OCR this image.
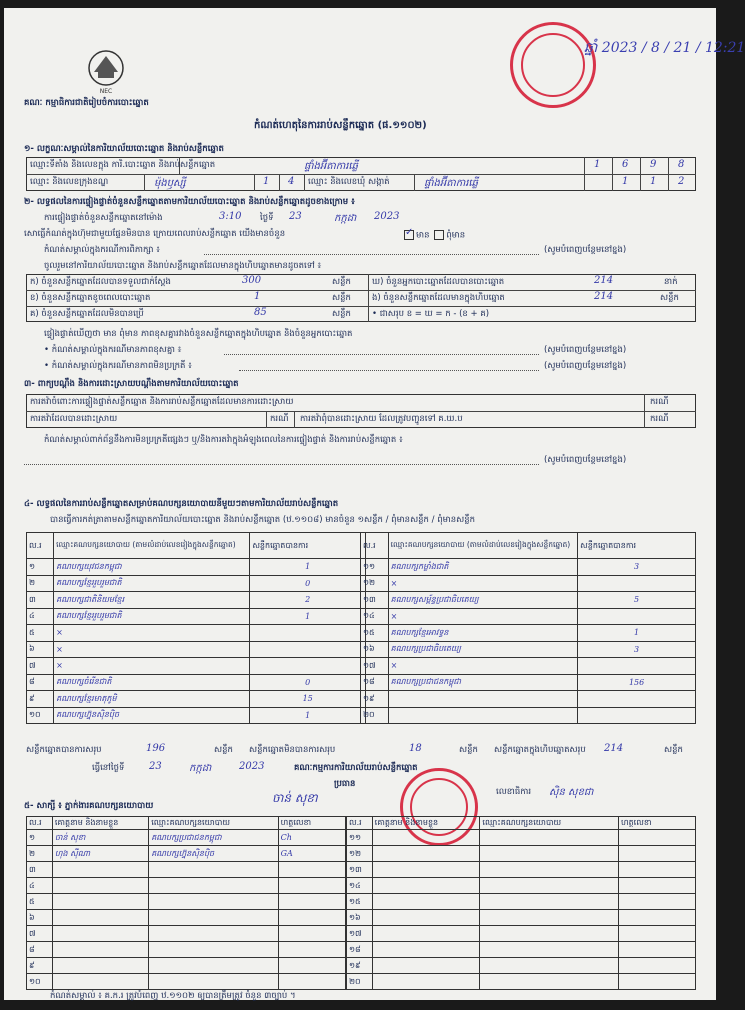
NEC
គណៈ កម្មាធិការជាតិរៀបចំការបោះឆ្នោត
កំណត់ហេតុនៃការរាប់សន្លឹកឆ្នោត (ផ.១១០២)
ឆ្នាំ 2023 / 8 / 21 / 12:21
១- លក្ខណៈសម្គាល់នៃការិយាល័យបោះឆ្នោត និងរាប់សន្លឹកឆ្នោត
ឈ្មោះទីតាំង និងលេខក្អុង ការិ.បោះឆ្នោត និងរាប់សន្លឹកឆ្នោត	ផ្ទាំងអ៊ីតាការឆ្លើ	1 6 9 8
ឈ្មោះ និងលេខក្រុងខណ្ឌ	ម៉ុងឫស្សី	1 4 ឈ្មោះ និងលេខឃុំ សង្កាត់	ផ្ទាំងអ៊ីតាការឆ្លើ	1 1 2
២- លទ្ធផលនៃការផ្ទៀងផ្ទាត់ចំនួនសន្លឹកឆ្នោតតាមការិយាល័យបោះឆ្នោត និងរាប់សន្លឹកឆ្នោតដូចខាងក្រោម ៖
ការផ្ទៀងផ្ទាត់ចំនួនសន្លឹកឆ្នោតនៅម៉ោង	3:10 ថ្ងៃទី 23	កក្កដា 2023
សោធ្លើកំណត់ក្នុងហ៊ុមជាមួយផ្ទែនមិនបាន ក្រោយពេលរាប់សន្លឹកឆ្នោត យើងមានចំនួន ✓	មាន ពុំមាន
កំណត់សម្គាល់ក្នុងករណីការពិភាក្សា ៖	(សូមបំពេញបន្ថែមនៅខ្នង)
ចូលរួមនៅការិយាល័យបោះឆ្នោត និងរាប់សន្លឹកឆ្នោតដែលមានក្នុងហិបឆ្នោតមានដូចតទៅ ៖
ក) ចំនួនសន្លឹកឆ្នោតដែលបានទទួលជាក់ស្តែង	300	សន្លឹក ឃ) ចំនួនអ្នកបោះឆ្នោតដែលបានបោះឆ្នោត	214	នាក់
ខ) ចំនួនសន្លឹកឆ្នោតខូចពេលបោះឆ្នោត	1	សន្លឹក ង) ចំនួនសន្លឹកឆ្នោតដែលមានក្នុងហិបឆ្នោត	214	សន្លឹក
គ) ចំនួនសន្លឹកឆ្នោតដែលមិនបានប្រើ	85	សន្លឹក • ជាសរុប ខ = ឃ = ក - (ខ + គ)
ផ្ទៀងផ្ទាត់ឃើញថា មាន ពុំមាន ភាពខុសគ្នារវាងចំនួនសន្លឹកឆ្នោតក្នុងហិបឆ្នោត និងចំនួនអ្នកបោះឆ្នោត
• កំណត់សម្គាល់ក្នុងករណីមានភាពខុសគ្នា ៖	(សូមបំពេញបន្ថែមនៅខ្នង)
• កំណត់សម្គាល់ក្នុងករណីមានភាពមិនប្រក្រតី ៖	(សូមបំពេញបន្ថែមនៅខ្នង)
៣- ពាក្យបណ្តឹង និងការដោះស្រាយបណ្តឹងតាមការិយាល័យបោះឆ្នោត
ការតវ៉ាចំពោះការផ្ទៀងផ្ទាត់សន្លឹកឆ្នោត និងការរាប់សន្លឹកឆ្នោតដែលមានការដោះស្រាយ	ករណី
ការតវ៉ាដែលបានដោះស្រាយ	ករណី ការតវ៉ាពុំបានដោះស្រាយ ដែលត្រូវបញ្ជូនទៅ គ.ឃ.ប	ករណី
កំណត់សម្គាល់ពាក់ព័ន្ធនឹងការមិនប្រក្រតីផ្សេងៗ ឬ/និងការតវ៉ាក្នុងអំឡុងពេលនៃការផ្ទៀងផ្ទាត់ និងការរាប់សន្លឹកឆ្នោត ៖
(សូមបំពេញបន្ថែមនៅខ្នង)
៤- លទ្ធផលនៃការរាប់សន្លឹកឆ្នោតសម្រាប់គណបក្សនយោបាយនីមួយៗតាមការិយាល័យរាប់សន្លឹកឆ្នោត
បានធ្វើការកត់ត្រាតាមសន្លឹកឆ្នោតការិយាល័យបោះឆ្នោត និងរាប់សន្លឹកឆ្នោត (ឋ.១១០៨) មានចំនួន ១សន្លឹក / ពុំមានសន្លឹក / ពុំមានសន្លឹក
ល.រ	ឈ្មោះគណបក្សនយោបាយ (តាមលំដាប់លេខរៀងក្នុងសន្លឹកឆ្នោត)	សន្លឹកឆ្នោតបានការ
១	គណបក្សយុវជនកម្ពុជា	1
២	គណបក្សខ្មែររួបរួមជាតិ	0
៣	គណបក្សជាតិនិយមខ្មែរ	2
៤	គណបក្សខ្មែររួបរួមជាតិ	1
៥	×	
៦	×	
៧	×	
៨	គណបក្សចំរើនជាតិ	0
៩	គណបក្សខ្មែរមាតុភូមិ	15
១០	គណបក្សហ្វ៊ុនស៊ិនប៉ិច	1
ល.រ	ឈ្មោះគណបក្សនយោបាយ (តាមលំដាប់លេខរៀងក្នុងសន្លឹកឆ្នោត)	សន្លឹកឆ្នោតបានការ
១១	គណបក្សកម្លាំងជាតិ	3
១២	×	
១៣	គណបក្សសម្ព័ន្ធប្រជាធិបតេយ្យ	5
១៤	×	
១៥	គណបក្សខ្មែរអាវទ្ធន	1
១៦	គណបក្សប្រជាធិបតេយ្យ	3
១៧	×	
១៨	គណបក្សប្រជាជនកម្ពុជា	156
១៩		
២០		
សន្លឹកឆ្នោតបានការសរុប	196	សន្លឹក សន្លឹកឆ្នោតមិនបានការសរុប	18	សន្លឹក សន្លឹកឆ្នោតក្នុងហិបឆ្នោតសរុប 214	សន្លឹក
ធ្វើនៅថ្ងៃទី 23	កក្កដា	2023	គណៈកម្មការការិយាល័យរាប់សន្លឹកឆ្នោត
ប្រធាន
ចាន់ សុខា	លេខាធិការ ស៊ិន សុខជា
៥- សាក្សី ៖ ភ្នាក់ងារគណបក្សនយោបាយ
ល.រ	គោត្តនាម និងនាមខ្លួន	ឈ្មោះគណបក្សនយោបាយ	ហត្ថលេខា
១	ចាន់ សុខា	គណបក្សប្រជាជនកម្ពុជា	Ch
២	ហុង ស៊ីណា	គណបក្សហ្វ៊ុនស៊ិនប៉ិច	GA
៣			
៤			
៥			
៦			
៧			
៨			
៩			
១០			
ល.រ	គោត្តនាម និងនាមខ្លួន	ឈ្មោះគណបក្សនយោបាយ	ហត្ថលេខា
១១			
១២			
១៣			
១៤			
១៥			
១៦			
១៧			
១៨			
១៩			
២០			
កំណត់សម្គាល់ ៖ គ.ក.រ ត្រូវបំពេញ ឋ.១១០២ ឲ្យបានត្រឹមត្រូវ ចំនួន ៣ច្បាប់ ។
